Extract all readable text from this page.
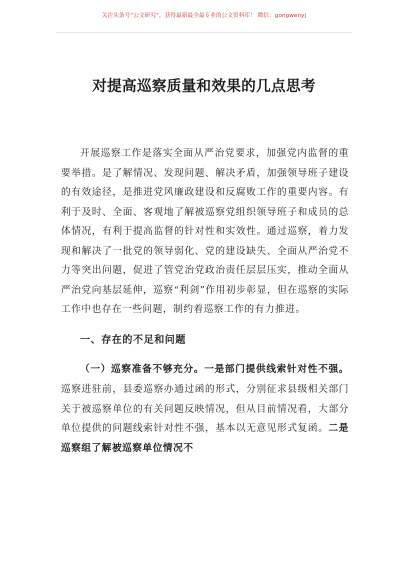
关注头条号“公文研究”，获得最新最全最专业的公文资料库！ 微信：gongwenyj
对提高巡察质量和效果的几点思考

开展巡察工作是落实全面从严治党要求，加强党内监督的重要举措。是了解情况、发现问题、解决矛盾，加强领导班子建设的有效途径，是推进党风廉政建设和反腐败工作的重要内容。有利于及时、全面、客观地了解被巡察党组织领导班子和成员的总体情况，有利于提高监督的针对性和实效性。通过巡察，着力发现和解决了一批党的领导弱化、党的建设缺失、全面从严治党不力等突出问题，促进了管党治党政治责任层层压实，推动全面从严治党向基层延伸，巡察“利剑”作用初步彰显，但在巡察的实际工作中也存在一些问题，制约着巡察工作的有力推进。

一、存在的不足和问题

（一）巡察准备不够充分。一是部门提供线索针对性不强。巡察进驻前，县委巡察办通过函的形式，分别征求县级相关部门关于被巡察单位的有关问题反映情况，但从目前情况看，大部分单位提供的问题线索针对性不强，基本以无意见形式复函。二是巡察组了解被巡察单位情况不
